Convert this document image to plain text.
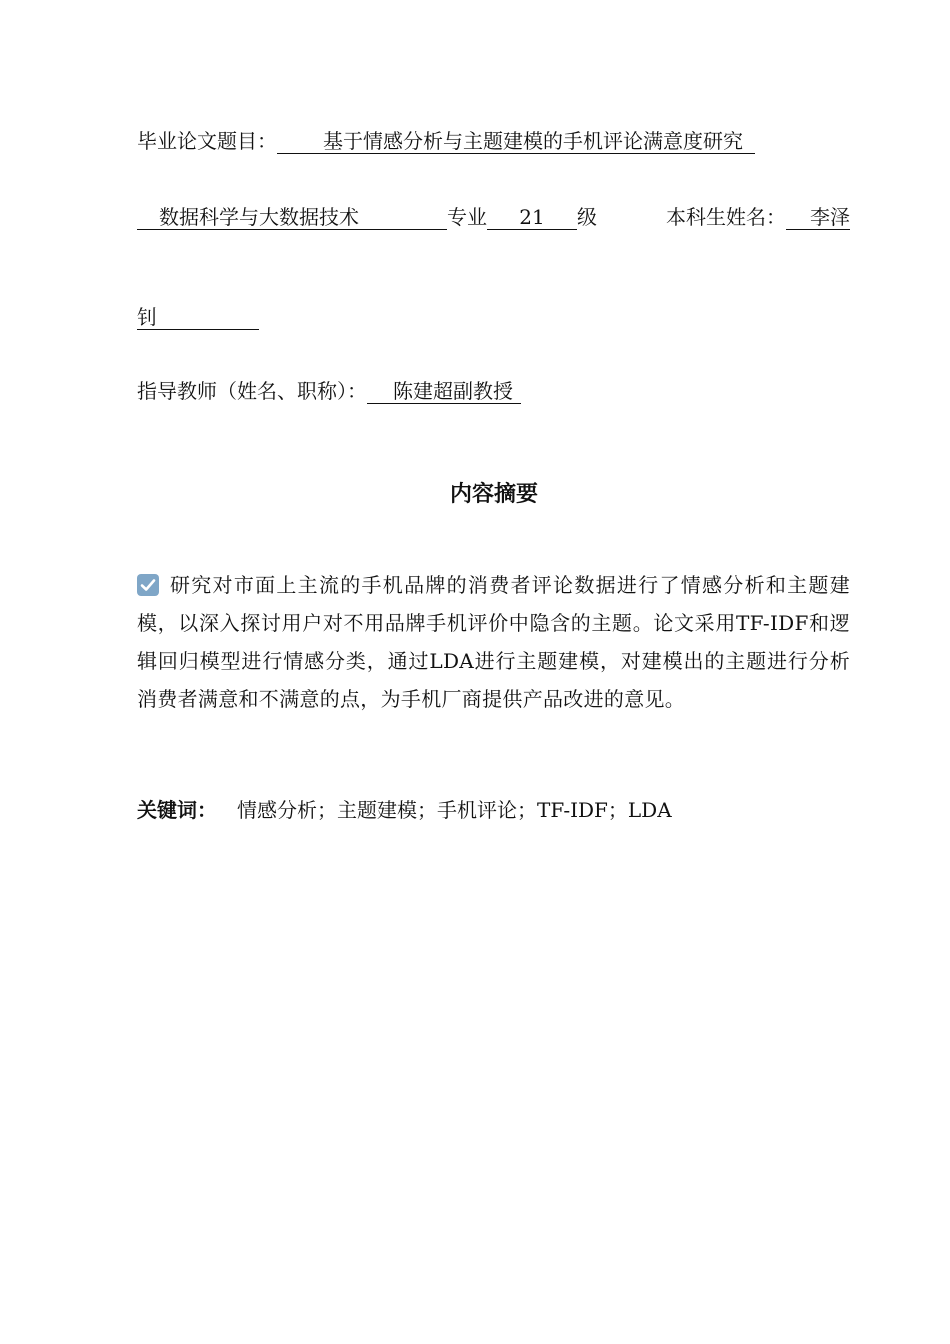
毕业论文题目： 基于情感分析与主题建模的手机评论满意度研究
数据科学与大数据技术	专业 21 级	本科生姓名： 李泽
钊
指导教师（姓名、职称）： 陈建超副教授
内容摘要
研究对市面上主流的手机品牌的消费者评论数据进行了情感分析和主题建模，以深入探讨用户对不用品牌手机评价中隐含的主题。论文采用TF-IDF和逻辑回归模型进行情感分类，通过LDA进行主题建模，对建模出的主题进行分析消费者满意和不满意的点，为手机厂商提供产品改进的意见。
关键词： 情感分析；主题建模；手机评论；TF-IDF；LDA
